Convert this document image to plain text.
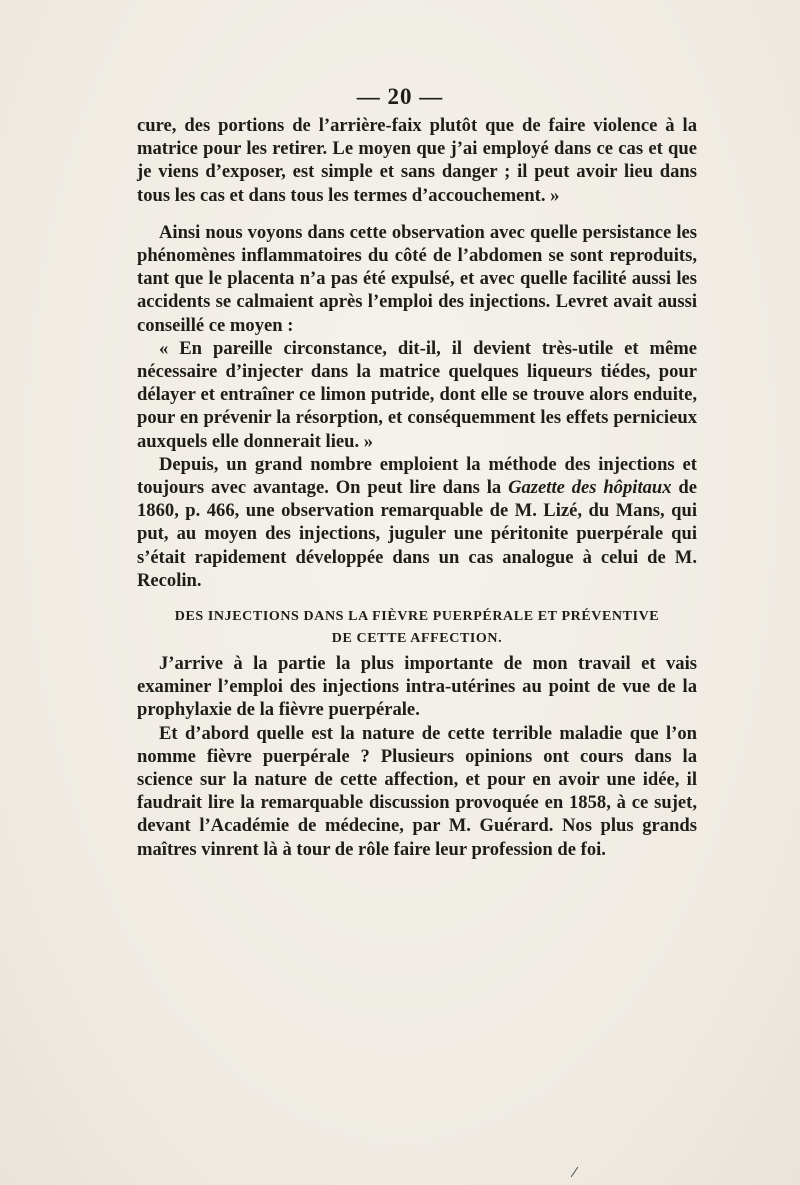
— 20 —

cure, des portions de l’arrière-faix plutôt que de faire violence à la matrice pour les retirer. Le moyen que j’ai employé dans ce cas et que je viens d’exposer, est simple et sans danger ; il peut avoir lieu dans tous les cas et dans tous les termes d’accouchement. »

Ainsi nous voyons dans cette observation avec quelle persistance les phénomènes inflammatoires du côté de l’abdomen se sont reproduits, tant que le placenta n’a pas été expulsé, et avec quelle facilité aussi les accidents se calmaient après l’emploi des injections. Levret avait aussi conseillé ce moyen :

« En pareille circonstance, dit-il, il devient très-utile et même nécessaire d’injecter dans la matrice quelques liqueurs tiédes, pour délayer et entraîner ce limon putride, dont elle se trouve alors enduite, pour en prévenir la résorption, et conséquemment les effets pernicieux auxquels elle donnerait lieu. »

Depuis, un grand nombre emploient la méthode des injections et toujours avec avantage. On peut lire dans la Gazette des hôpitaux de 1860, p. 466, une observation remarquable de M. Lizé, du Mans, qui put, au moyen des injections, juguler une péritonite puerpérale qui s’était rapidement développée dans un cas analogue à celui de M. Recolin.

DES INJECTIONS DANS LA FIÈVRE PUERPÉRALE ET PRÉVENTIVE
DE CETTE AFFECTION.

J’arrive à la partie la plus importante de mon travail et vais examiner l’emploi des injections intra-utérines au point de vue de la prophylaxie de la fièvre puerpérale.

Et d’abord quelle est la nature de cette terrible maladie que l’on nomme fièvre puerpérale ? Plusieurs opinions ont cours dans la science sur la nature de cette affection, et pour en avoir une idée, il faudrait lire la remarquable discussion provoquée en 1858, à ce sujet, devant l’Académie de médecine, par M. Guérard. Nos plus grands maîtres vinrent là à tour de rôle faire leur profession de foi.
